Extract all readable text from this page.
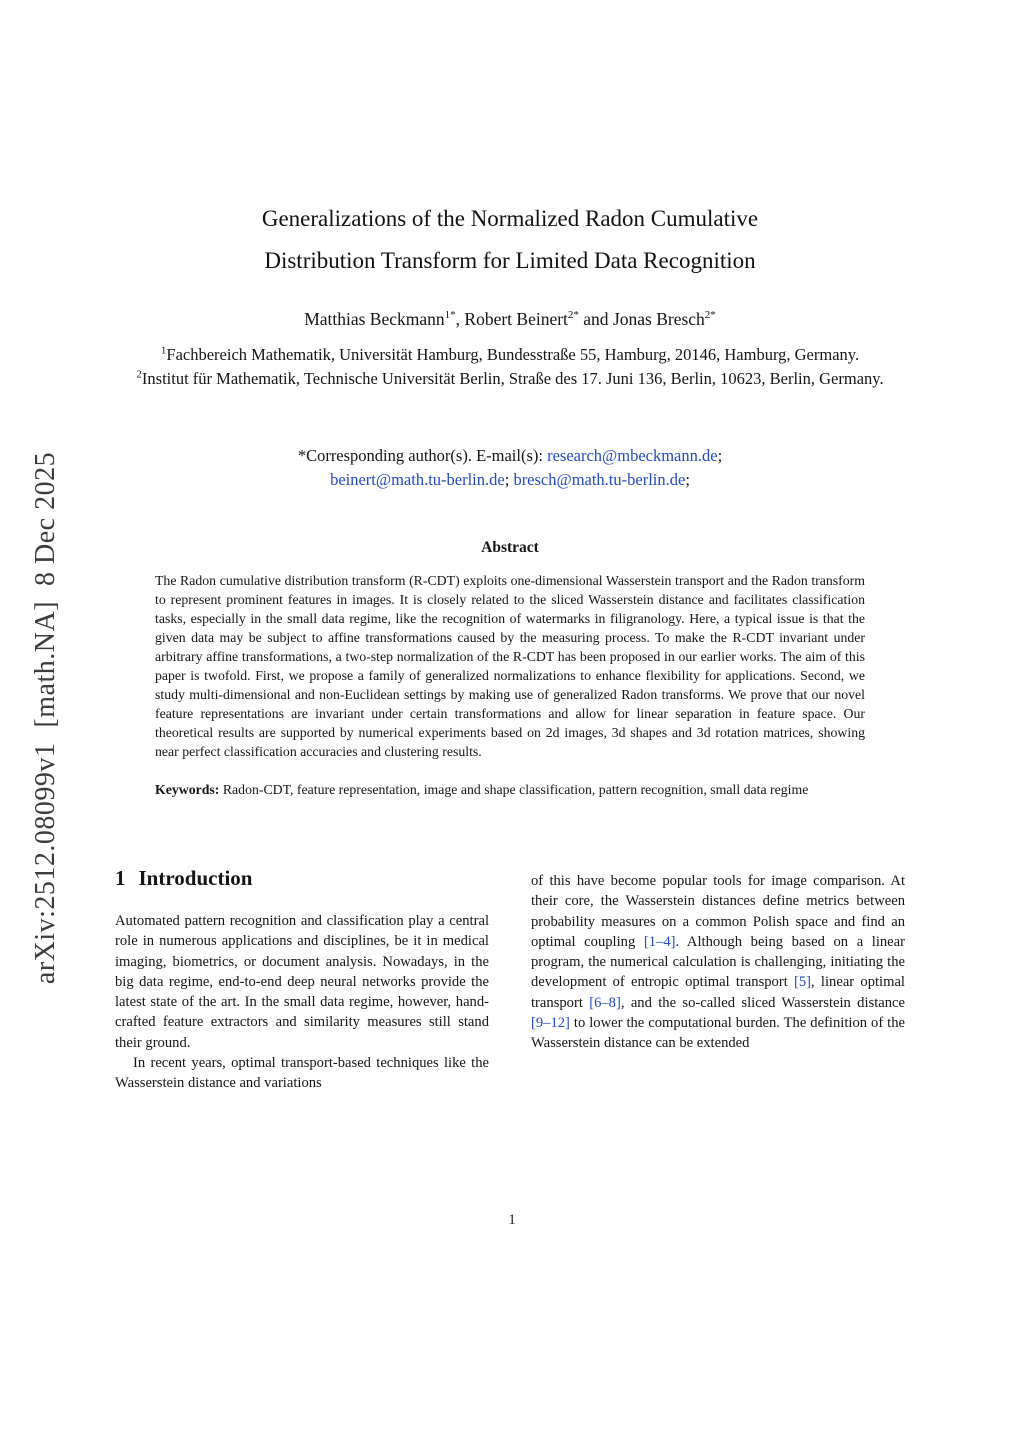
arXiv:2512.08099v1  [math.NA]  8 Dec 2025
Generalizations of the Normalized Radon Cumulative
Distribution Transform for Limited Data Recognition
Matthias Beckmann$^{1*}$, Robert Beinert$^{2*}$ and Jonas Bresch$^{2*}$

$^1$Fachbereich Mathematik, Universität Hamburg, Bundesstraße 55, Hamburg, 20146, Hamburg, Germany.

$^2$Institut für Mathematik, Technische Universität Berlin, Straße des 17. Juni 136, Berlin, 10623, Berlin, Germany.

*Corresponding author(s). E-mail(s): research@mbeckmann.de;
beinert@math.tu-berlin.de; bresch@math.tu-berlin.de;

Abstract

The Radon cumulative distribution transform (R-CDT) exploits one-dimensional Wasserstein transport and the Radon transform to represent prominent features in images. It is closely related to the sliced Wasserstein distance and facilitates classification tasks, especially in the small data regime, like the recognition of watermarks in filigranology. Here, a typical issue is that the given data may be subject to affine transformations caused by the measuring process. To make the R-CDT invariant under arbitrary affine transformations, a two-step normalization of the R-CDT has been proposed in our earlier works. The aim of this paper is twofold. First, we propose a family of generalized normalizations to enhance flexibility for applications. Second, we study multi-dimensional and non-Euclidean settings by making use of generalized Radon transforms. We prove that our novel feature representations are invariant under certain transformations and allow for linear separation in feature space. Our theoretical results are supported by numerical experiments based on 2d images, 3d shapes and 3d rotation matrices, showing near perfect classification accuracies and clustering results.

Keywords: Radon-CDT, feature representation, image and shape classification, pattern recognition, small data regime

1 Introduction

Automated pattern recognition and classification play a central role in numerous applications and disciplines, be it in medical imaging, biometrics, or document analysis. Nowadays, in the big data regime, end-to-end deep neural networks provide the latest state of the art. In the small data regime, however, hand-crafted feature extractors and similarity measures still stand their ground.

In recent years, optimal transport-based techniques like the Wasserstein distance and variations

of this have become popular tools for image comparison. At their core, the Wasserstein distances define metrics between probability measures on a common Polish space and find an optimal coupling [1–4]. Although being based on a linear program, the numerical calculation is challenging, initiating the development of entropic optimal transport [5], linear optimal transport [6–8], and the so-called sliced Wasserstein distance [9–12] to lower the computational burden. The definition of the Wasserstein distance can be extended

1
